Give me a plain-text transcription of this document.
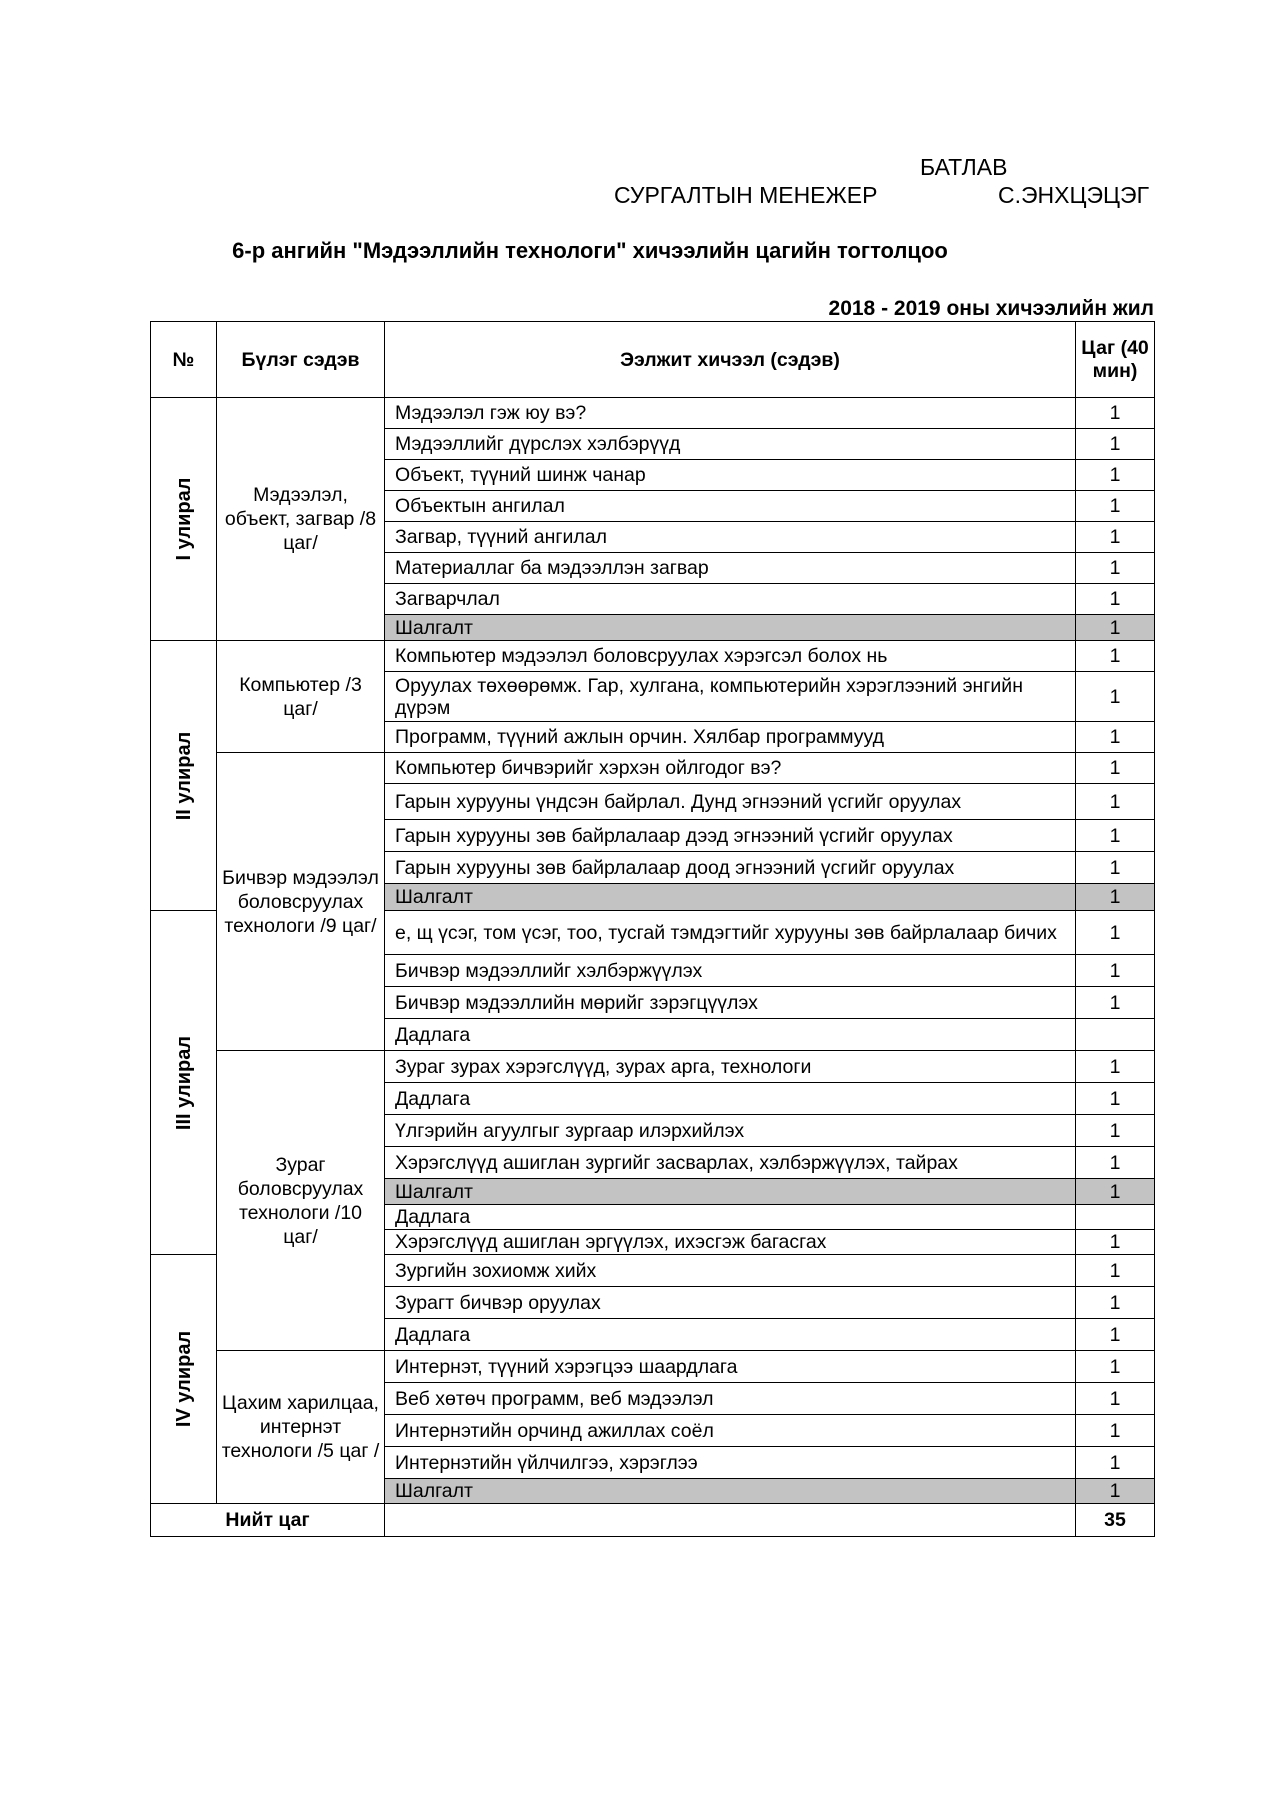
БАТЛАВ
СУРГАЛТЫН МЕНЕЖЕР	С.ЭНХЦЭЦЭГ
6-р ангийн "Мэдээллийн технологи" хичээлийн цагийн тогтолцоо
2018 - 2019 оны хичээлийн жил
№	Бүлэг сэдэв	Ээлжит хичээл (сэдэв)	Цаг (40 мин)

I улирал	Мэдээлэл, объект, загвар /8 цаг/	Мэдээлэл гэж юу вэ?	1
		Мэдээллийг дүрслэх хэлбэрүүд	1
		Объект, түүний шинж чанар	1
		Объектын ангилал	1
		Загвар, түүний ангилал	1
		Материаллаг ба мэдээллэн загвар	1
		Загварчлал	1
		Шалгалт	1

II улирал	Компьютер /3 цаг/	Компьютер мэдээлэл боловсруулах хэрэгсэл болох нь	1
		Оруулах төхөөрөмж. Гар, хулгана, компьютерийн хэрэглээний энгийн дүрэм	1
		Программ, түүний ажлын орчин. Хялбар программууд	1
	Бичвэр мэдээлэл боловсруулах технологи /9 цаг/	Компьютер бичвэрийг хэрхэн ойлгодог вэ?	1
		Гарын хурууны үндсэн байрлал. Дунд эгнээний үсгийг оруулах	1
		Гарын хурууны зөв байрлалаар дээд эгнээний үсгийг оруулах	1
		Гарын хурууны зөв байрлалаар доод эгнээний үсгийг оруулах	1
		Шалгалт	1

III улирал		е, щ үсэг, том үсэг, тоо, тусгай тэмдэгтийг хурууны зөв байрлалаар бичих	1
		Бичвэр мэдээллийг хэлбэржүүлэх	1
		Бичвэр мэдээллийн мөрийг зэрэгцүүлэх	1
		Дадлага	
	Зураг боловсруулах технологи /10 цаг/	Зураг зурах хэрэгслүүд, зурах арга, технологи	1
		Дадлага	1
		Үлгэрийн агуулгыг зургаар илэрхийлэх	1
		Хэрэгслүүд ашиглан зургийг засварлах, хэлбэржүүлэх, тайрах	1
		Шалгалт	1
		Дадлага	
		Хэрэгслүүд ашиглан эргүүлэх, ихэсгэж багасгах	1

IV улирал		Зургийн зохиомж хийх	1
		Зурагт бичвэр оруулах	1
		Дадлага	1
	Цахим харилцаа, интернэт технологи /5 цаг /	Интернэт, түүний хэрэгцээ шаардлага	1
		Веб хөтөч программ, веб мэдээлэл	1
		Интернэтийн орчинд ажиллах соёл	1
		Интернэтийн үйлчилгээ, хэрэглээ	1
		Шалгалт	1
Нийт цаг			35
